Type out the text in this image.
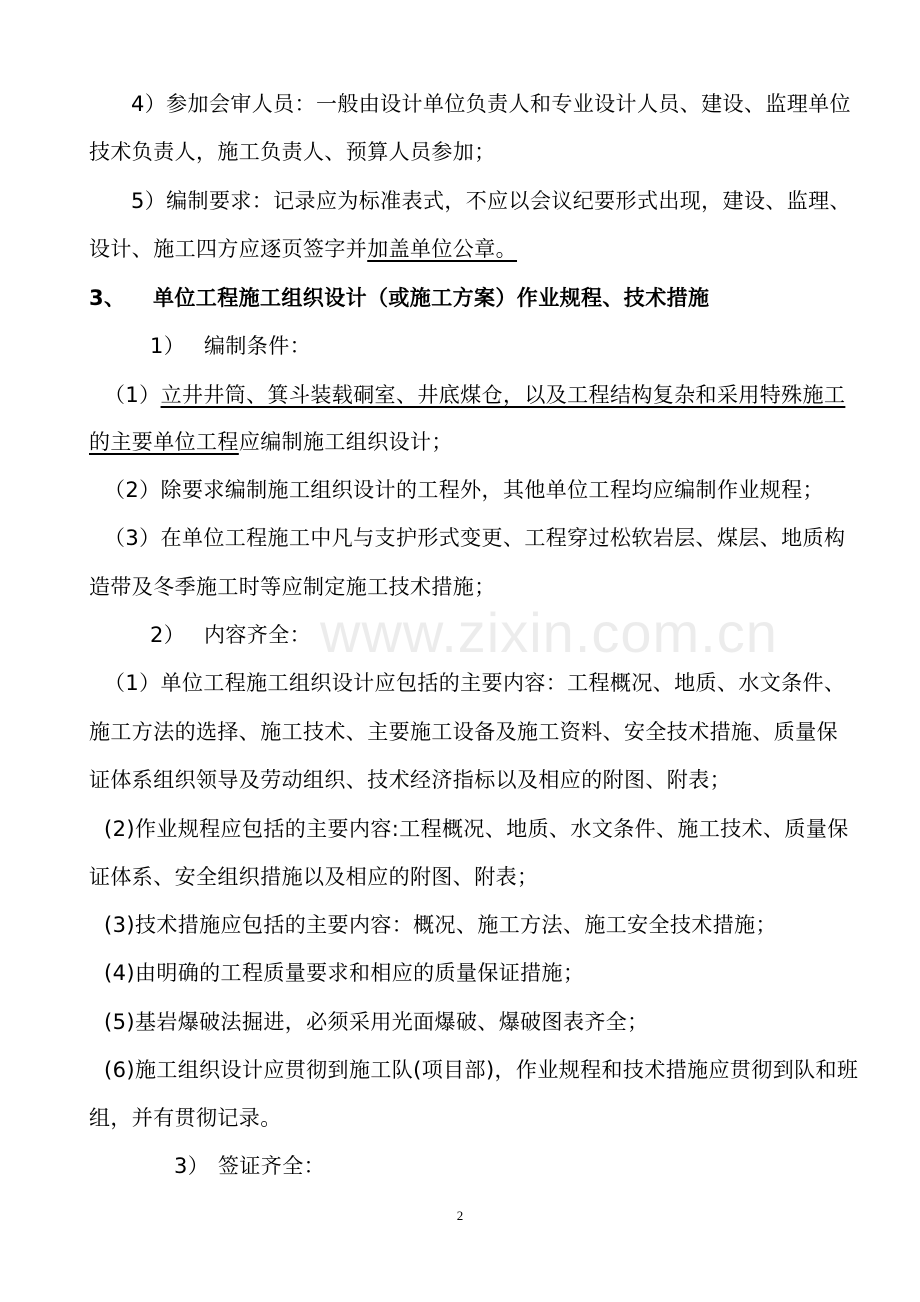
4）参加会审人员：一般由设计单位负责人和专业设计人员、建设、监理单位
技术负责人，施工负责人、预算人员参加；
5）编制要求：记录应为标准表式，不应以会议纪要形式出现，建设、监理、
设计、施工四方应逐页签字并加盖单位公章。
3、 单位工程施工组织设计（或施工方案）作业规程、技术措施
1） 编制条件：
（1）立井井筒、箕斗装载硐室、井底煤仓，以及工程结构复杂和采用特殊施工
的主要单位工程应编制施工组织设计；
（2）除要求编制施工组织设计的工程外，其他单位工程均应编制作业规程；
（3）在单位工程施工中凡与支护形式变更、工程穿过松软岩层、煤层、地质构
造带及冬季施工时等应制定施工技术措施；
2） 内容齐全：
（1）单位工程施工组织设计应包括的主要内容：工程概况、地质、水文条件、
施工方法的选择、施工技术、主要施工设备及施工资料、安全技术措施、质量保
证体系组织领导及劳动组织、技术经济指标以及相应的附图、附表；
(2)作业规程应包括的主要内容:工程概况、地质、水文条件、施工技术、质量保
证体系、安全组织措施以及相应的附图、附表；
(3)技术措施应包括的主要内容：概况、施工方法、施工安全技术措施；
(4)由明确的工程质量要求和相应的质量保证措施；
(5)基岩爆破法掘进，必须采用光面爆破、爆破图表齐全；
(6)施工组织设计应贯彻到施工队(项目部)，作业规程和技术措施应贯彻到队和班
组，并有贯彻记录。
3） 签证齐全：
www.zixin.com.cn
2
